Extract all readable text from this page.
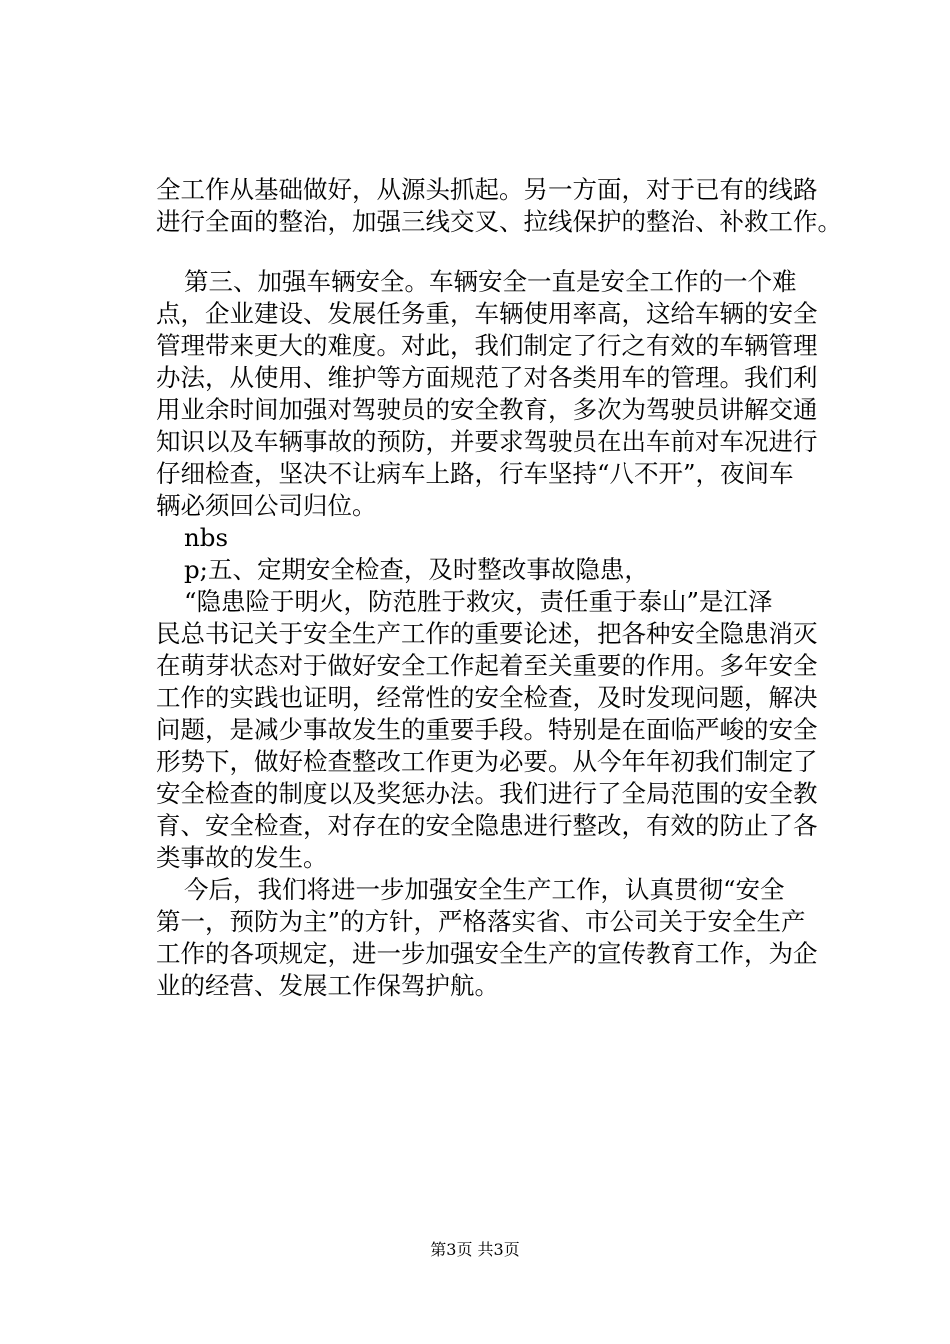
全工作从基础做好，从源头抓起。另一方面，对于已有的线路
进行全面的整治，加强三线交叉、拉线保护的整治、补救工作。
第三、加强车辆安全。车辆安全一直是安全工作的一个难
点，企业建设、发展任务重，车辆使用率高，这给车辆的安全
管理带来更大的难度。对此，我们制定了行之有效的车辆管理
办法，从使用、维护等方面规范了对各类用车的管理。我们利
用业余时间加强对驾驶员的安全教育，多次为驾驶员讲解交通
知识以及车辆事故的预防，并要求驾驶员在出车前对车况进行
仔细检查，坚决不让病车上路，行车坚持“八不开”，夜间车
辆必须回公司归位。
nbs
p;五、定期安全检查，及时整改事故隐患，
“隐患险于明火，防范胜于救灾，责任重于泰山”是江泽
民总书记关于安全生产工作的重要论述，把各种安全隐患消灭
在萌芽状态对于做好安全工作起着至关重要的作用。多年安全
工作的实践也证明，经常性的安全检查，及时发现问题，解决
问题，是减少事故发生的重要手段。特别是在面临严峻的安全
形势下，做好检查整改工作更为必要。从今年年初我们制定了
安全检查的制度以及奖惩办法。我们进行了全局范围的安全教
育、安全检查，对存在的安全隐患进行整改，有效的防止了各
类事故的发生。
今后，我们将进一步加强安全生产工作，认真贯彻“安全
第一，预防为主”的方针，严格落实省、市公司关于安全生产
工作的各项规定，进一步加强安全生产的宣传教育工作，为企
业的经营、发展工作保驾护航。
第3页 共3页
